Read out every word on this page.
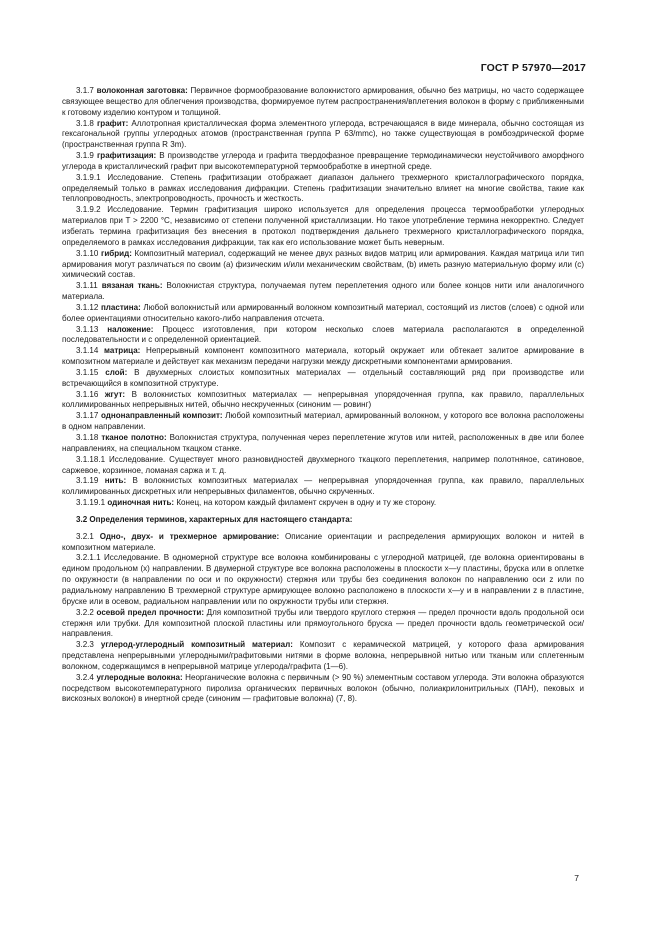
ГОСТ Р 57970—2017

3.1.7 волоконная заготовка: Первичное формообразование волокнистого армирования, обычно без матрицы, но часто содержащее связующее вещество для облегчения производства, формируемое путем распространения/вплетения волокон в форму с приближенными к готовому изделию контуром и толщиной.

3.1.8 графит: Аллотропная кристаллическая форма элементного углерода, встречающаяся в виде минерала, обычно состоящая из гексагональной группы углеродных атомов (пространственная группа Р 63/mmc), но также существующая в ромбоэдрической форме (пространственная группа R 3m).

3.1.9 графитизация: В производстве углерода и графита твердофазное превращение термодинамически неустойчивого аморфного углерода в кристаллический графит при высокотемпературной термообработке в инертной среде.

3.1.9.1 Исследование. Степень графитизации отображает диапазон дальнего трехмерного кристаллографического порядка, определяемый только в рамках исследования дифракции. Степень графитизации значительно влияет на многие свойства, такие как теплопроводность, электропроводность, прочность и жесткость.

3.1.9.2 Исследование. Термин графитизация широко используется для определения процесса термообработки углеродных материалов при Т > 2200 °С, независимо от степени полученной кристаллизации. Но такое употребление термина некорректно. Следует избегать термина графитизация без внесения в протокол подтверждения дальнего трехмерного кристаллографического порядка, определяемого в рамках исследования дифракции, так как его использование может быть неверным.

3.1.10 гибрид: Композитный материал, содержащий не менее двух разных видов матриц или армирования. Каждая матрица или тип армирования могут различаться по своим (а) физическим и/или механическим свойствам, (b) иметь разную материальную форму или (c) химический состав.

3.1.11 вязаная ткань: Волокнистая структура, получаемая путем переплетения одного или более концов нити или аналогичного материала.

3.1.12 пластина: Любой волокнистый или армированный волокном композитный материал, состоящий из листов (слоев) с одной или более ориентациями относительно какого-либо направления отсчета.

3.1.13 наложение: Процесс изготовления, при котором несколько слоев материала располагаются в определенной последовательности и с определенной ориентацией.

3.1.14 матрица: Непрерывный компонент композитного материала, который окружает или обтекает залитое армирование в композитном материале и действует как механизм передачи нагрузки между дискретными компонентами армирования.

3.1.15 слой: В двухмерных слоистых композитных материалах — отдельный составляющий ряд при производстве или встречающийся в композитной структуре.

3.1.16 жгут: В волокнистых композитных материалах — непрерывная упорядоченная группа, как правило, параллельных коллимированных непрерывных нитей, обычно нескрученных (синоним — ровинг)

3.1.17 однонаправленный композит: Любой композитный материал, армированный волокном, у которого все волокна расположены в одном направлении.

3.1.18 тканое полотно: Волокнистая структура, полученная через переплетение жгутов или нитей, расположенных в две или более направлениях, на специальном ткацком станке.

3.1.18.1 Исследование. Существует много разновидностей двухмерного ткацкого переплетения, например полотняное, сатиновое, саржевое, корзинное, ломаная саржа и т. д.

3.1.19 нить: В волокнистых композитных материалах — непрерывная упорядоченная группа, как правило, параллельных коллимированных дискретных или непрерывных филаментов, обычно скрученных.

3.1.19.1 одиночная нить: Конец, на котором каждый филамент скручен в одну и ту же сторону.

3.2 Определения терминов, характерных для настоящего стандарта:

3.2.1 Одно-, двух- и трехмерное армирование: Описание ориентации и распределения армирующих волокон и нитей в композитном материале.

3.2.1.1 Исследование. В одномерной структуре все волокна комбинированы с углеродной матрицей, где волокна ориентированы в едином продольном (х) направлении. В двумерной структуре все волокна расположены в плоскости х—у пластины, бруска или в оплетке по окружности (в направлении по оси и по окружности) стержня или трубы без соединения волокон по направлению оси z или по радиальному направлению В трехмерной структуре армирующее волокно расположено в плоскости х—у и в направлении z в пластине, бруске или в осевом, радиальном направлении или по окружности трубы или стержня.

3.2.2 осевой предел прочности: Для композитной трубы или твердого круглого стержня — предел прочности вдоль продольной оси стержня или трубки. Для композитной плоской пластины или прямоугольного бруска — предел прочности вдоль геометрической оси/направления.

3.2.3 углерод-углеродный композитный материал: Композит с керамической матрицей, у которого фаза армирования представлена непрерывными углеродными/графитовыми нитями в форме волокна, непрерывной нитью или тканым или сплетенным волокном, содержащимся в непрерывной матрице углерода/графита (1—6).

3.2.4 углеродные волокна: Неорганические волокна с первичным (> 90 %) элементным составом углерода. Эти волокна образуются посредством высокотемпературного пиролиза органических первичных волокон (обычно, полиакрилонитрильных (ПАН), пековых и вискозных волокон) в инертной среде (синоним — графитовые волокна) (7, 8).

7
